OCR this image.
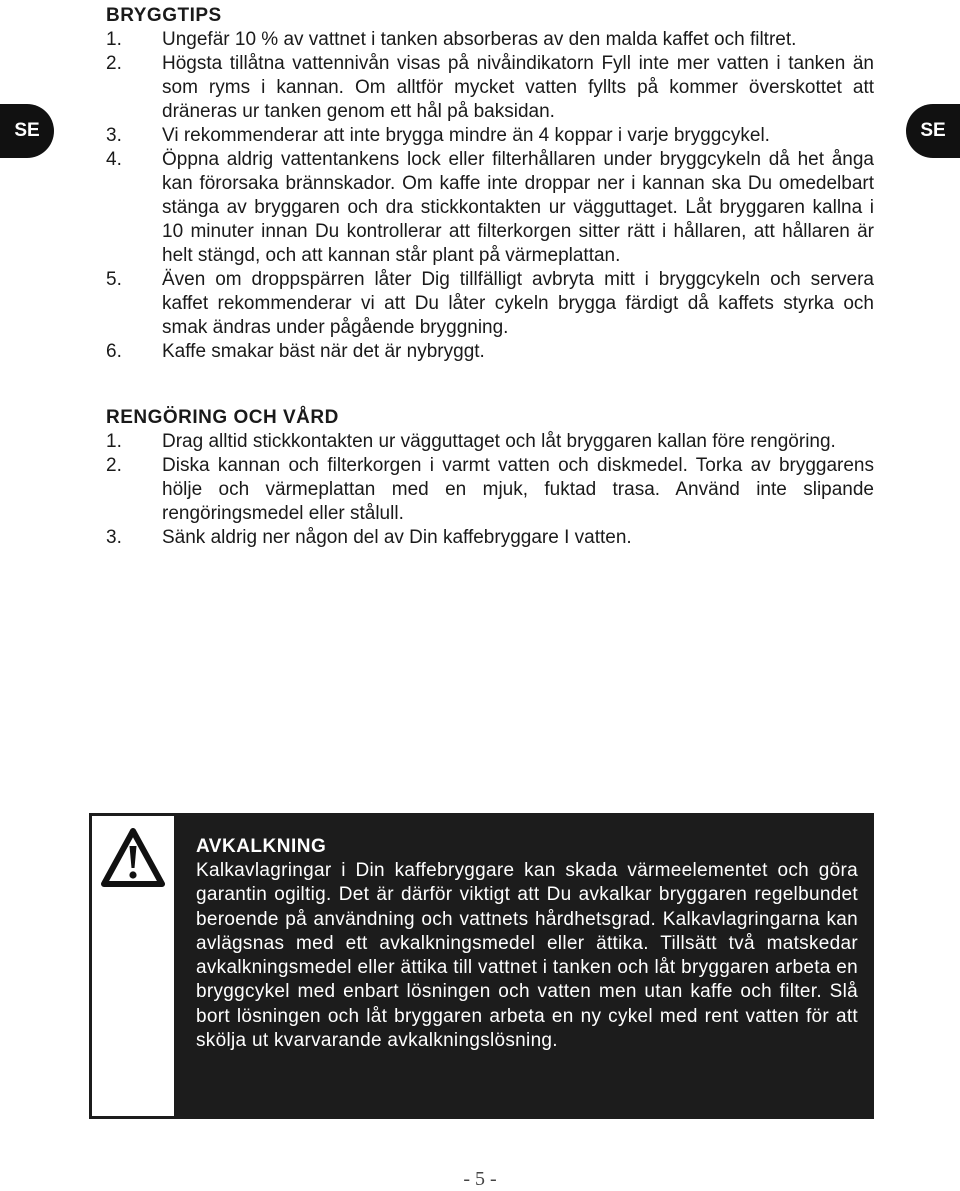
SE	SE
BRYGGTIPS
1.	Ungefär 10 % av vattnet i tanken absorberas av den malda kaffet och filtret.
2.	Högsta tillåtna vattennivån visas på nivåindikatorn Fyll inte mer vatten i tanken än som ryms i kannan. Om alltför mycket vatten fyllts på kommer överskottet att dräneras ur tanken genom ett hål på baksidan.
3.	Vi rekommenderar att inte brygga mindre än 4 koppar i varje bryggcykel.
4.	Öppna aldrig vattentankens lock eller filterhållaren under bryggcykeln då het ånga kan förorsaka brännskador. Om kaffe inte droppar ner i kannan ska Du omedelbart stänga av bryggaren och dra stickkontakten ur vägguttaget. Låt bryggaren kallna i 10 minuter innan Du kontrollerar att filterkorgen sitter rätt i hållaren, att hållaren är helt stängd, och att kannan står plant på värmeplattan.
5.	Även om droppspärren låter Dig tillfälligt avbryta mitt i bryggcykeln och servera kaffet rekommenderar vi att Du låter cykeln brygga färdigt då kaffets styrka och smak ändras under pågående bryggning.
6.	Kaffe smakar bäst när det är nybryggt.
RENGÖRING OCH VÅRD
1.	Drag alltid stickkontakten ur vägguttaget och låt bryggaren kallan före rengöring.
2.	Diska kannan och filterkorgen i varmt vatten och diskmedel. Torka av bryggarens hölje och värmeplattan med en mjuk, fuktad trasa. Använd inte slipande rengöringsmedel eller stålull.
3.	Sänk aldrig ner någon del av Din kaffebryggare I vatten.
AVKALKNING
Kalkavlagringar i Din kaffebryggare kan skada värmeelementet och göra garantin ogiltig. Det är därför viktigt att Du avkalkar bryggaren regelbundet beroende på användning och vattnets hårdhetsgrad. Kalkavlagringarna kan avlägsnas med ett avkalkningsmedel eller ättika. Tillsätt två matskedar avkalkningsmedel eller ättika till vattnet i tanken och låt bryggaren arbeta en bryggcykel med enbart lösningen och vatten men utan kaffe och filter. Slå bort lösningen och låt bryggaren arbeta en ny cykel med rent vatten för att skölja ut kvarvarande avkalkningslösning.
- 5 -
